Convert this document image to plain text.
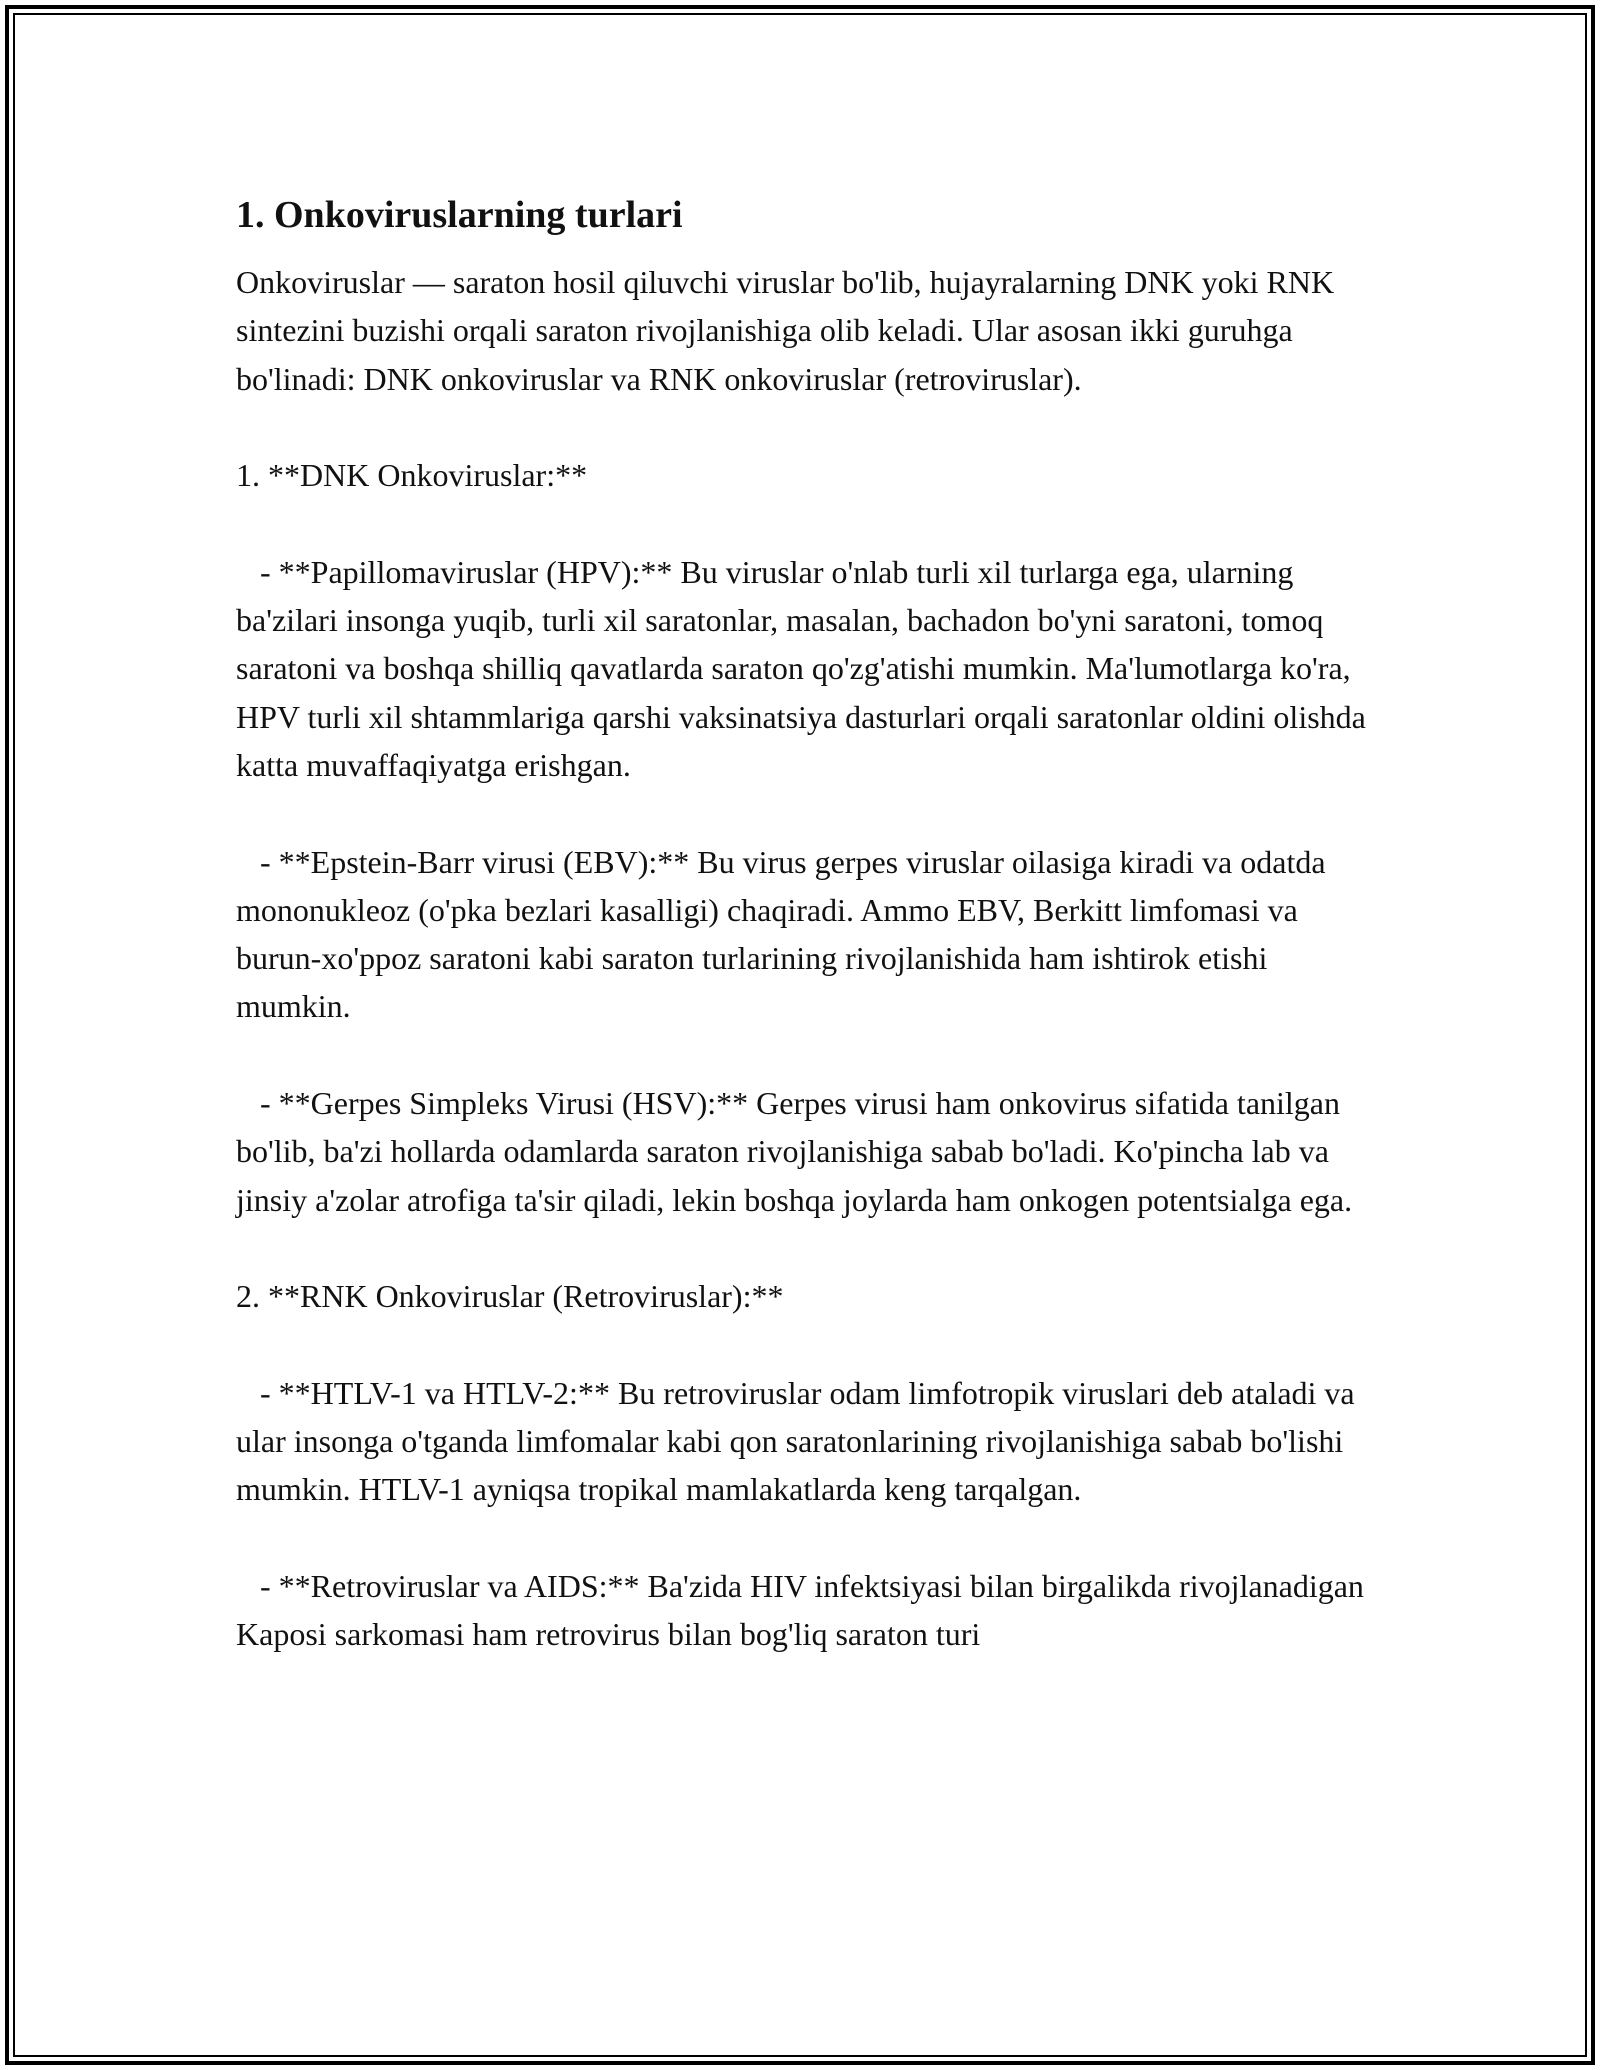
1. Onkoviruslarning turlari

Onkoviruslar — saraton hosil qiluvchi viruslar bo'lib, hujayralarning DNK yoki RNK sintezini buzishi orqali saraton rivojlanishiga olib keladi. Ular asosan ikki guruhga bo'linadi: DNK onkoviruslar va RNK onkoviruslar (retroviruslar).

1. **DNK Onkoviruslar:**

- **Papillomaviruslar (HPV):** Bu viruslar o'nlab turli xil turlarga ega, ularning ba'zilari insonga yuqib, turli xil saratonlar, masalan, bachadon bo'yni saratoni, tomoq saratoni va boshqa shilliq qavatlarda saraton qo'zg'atishi mumkin. Ma'lumotlarga ko'ra, HPV turli xil shtammlariga qarshi vaksinatsiya dasturlari orqali saratonlar oldini olishda katta muvaffaqiyatga erishgan.

- **Epstein-Barr virusi (EBV):** Bu virus gerpes viruslar oilasiga kiradi va odatda mononukleoz (o'pka bezlari kasalligi) chaqiradi. Ammo EBV, Berkitt limfomasi va burun-xo'ppoz saratoni kabi saraton turlarining rivojlanishida ham ishtirok etishi mumkin.

- **Gerpes Simpleks Virusi (HSV):** Gerpes virusi ham onkovirus sifatida tanilgan bo'lib, ba'zi hollarda odamlarda saraton rivojlanishiga sabab bo'ladi. Ko'pincha lab va jinsiy a'zolar atrofiga ta'sir qiladi, lekin boshqa joylarda ham onkogen potentsialga ega.

2. **RNK Onkoviruslar (Retroviruslar):**

- **HTLV-1 va HTLV-2:** Bu retroviruslar odam limfotropik viruslari deb ataladi va ular insonga o'tganda limfomalar kabi qon saratonlarining rivojlanishiga sabab bo'lishi mumkin. HTLV-1 ayniqsa tropikal mamlakatlarda keng tarqalgan.

- **Retroviruslar va AIDS:** Ba'zida HIV infektsiyasi bilan birgalikda rivojlanadigan Kaposi sarkomasi ham retrovirus bilan bog'liq saraton turi
